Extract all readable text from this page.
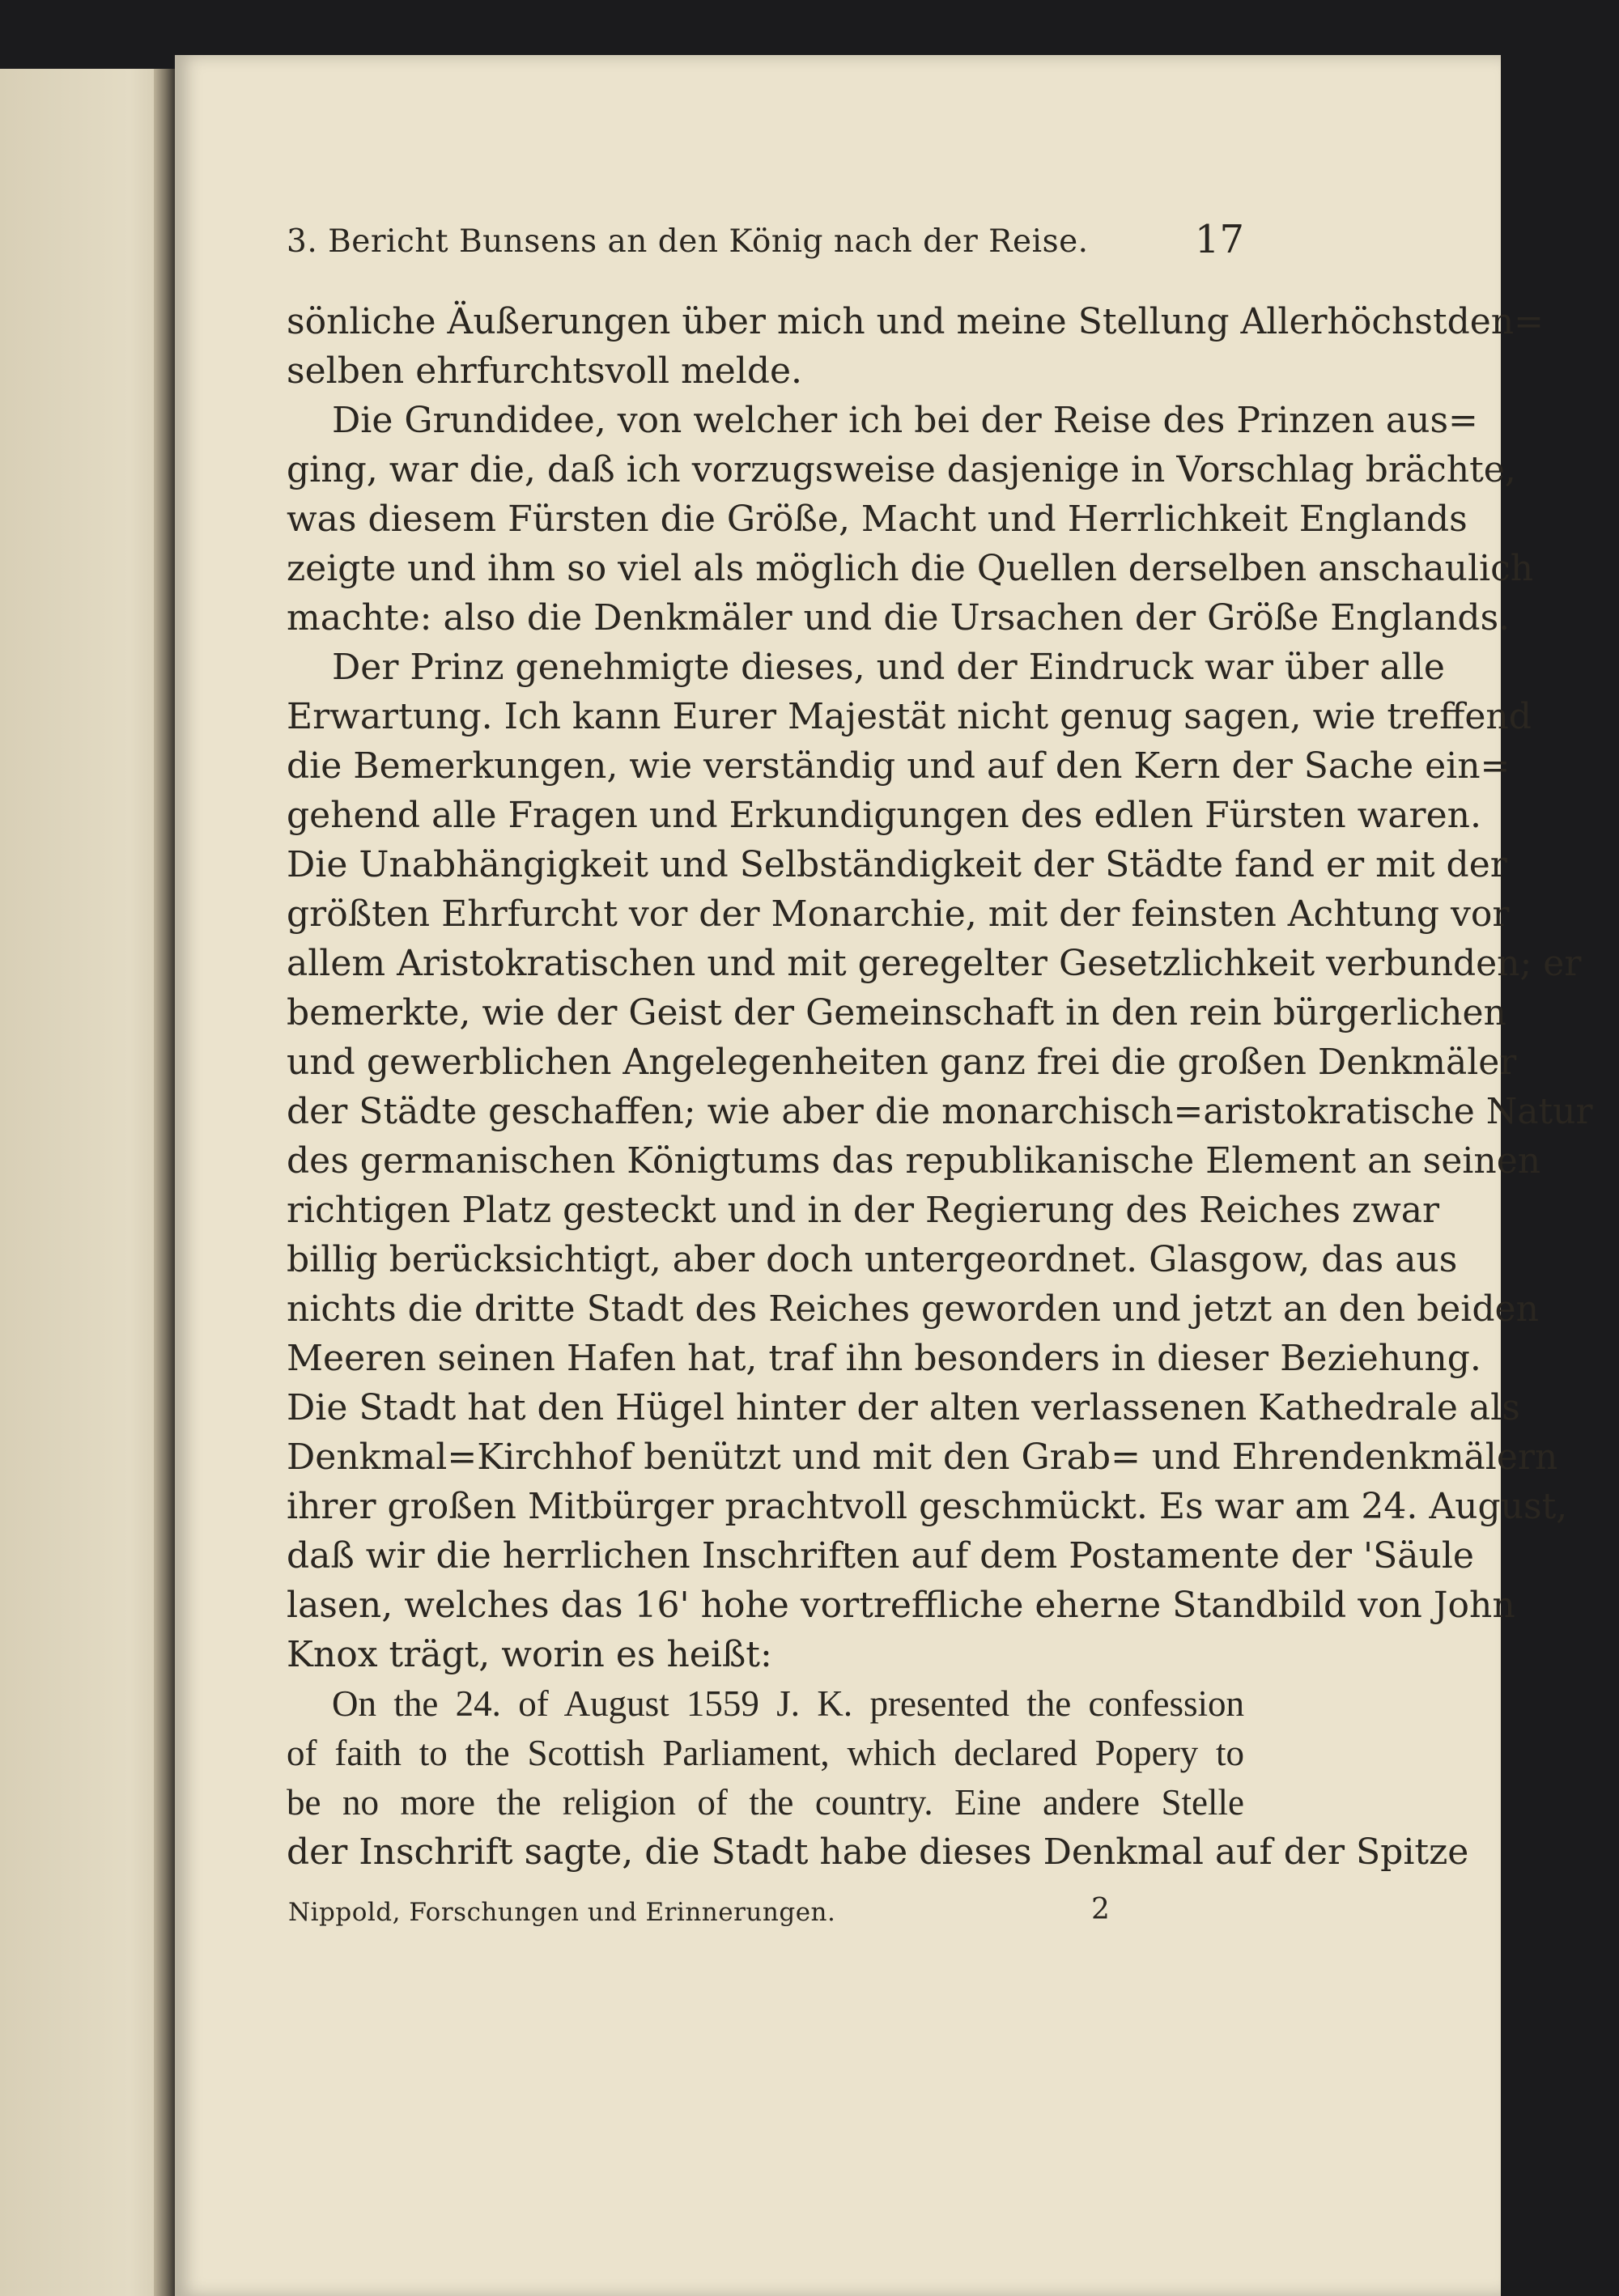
3. Bericht Bunsens an den König nach der Reise.	17
sönliche Äußerungen über mich und meine Stellung Allerhöchstden=
selben ehrfurchtsvoll melde.
Die Grundidee, von welcher ich bei der Reise des Prinzen aus=
ging, war die, daß ich vorzugsweise dasjenige in Vorschlag brächte,
was diesem Fürsten die Größe, Macht und Herrlichkeit Englands
zeigte und ihm so viel als möglich die Quellen derselben anschaulich
machte: also die Denkmäler und die Ursachen der Größe Englands.
Der Prinz genehmigte dieses, und der Eindruck war über alle
Erwartung. Ich kann Eurer Majestät nicht genug sagen, wie treffend
die Bemerkungen, wie verständig und auf den Kern der Sache ein=
gehend alle Fragen und Erkundigungen des edlen Fürsten waren.
Die Unabhängigkeit und Selbständigkeit der Städte fand er mit der
größten Ehrfurcht vor der Monarchie, mit der feinsten Achtung vor
allem Aristokratischen und mit geregelter Gesetzlichkeit verbunden; er
bemerkte, wie der Geist der Gemeinschaft in den rein bürgerlichen
und gewerblichen Angelegenheiten ganz frei die großen Denkmäler
der Städte geschaffen; wie aber die monarchisch=aristokratische Natur
des germanischen Königtums das republikanische Element an seinen
richtigen Platz gesteckt und in der Regierung des Reiches zwar
billig berücksichtigt, aber doch untergeordnet. Glasgow, das aus
nichts die dritte Stadt des Reiches geworden und jetzt an den beiden
Meeren seinen Hafen hat, traf ihn besonders in dieser Beziehung.
Die Stadt hat den Hügel hinter der alten verlassenen Kathedrale als
Denkmal=Kirchhof benützt und mit den Grab= und Ehrendenkmälern
ihrer großen Mitbürger prachtvoll geschmückt. Es war am 24. August,
daß wir die herrlichen Inschriften auf dem Postamente der 'Säule
lasen, welches das 16' hohe vortreffliche eherne Standbild von John
Knox trägt, worin es heißt:
On the 24. of August 1559 J. K. presented the confession
of faith to the Scottish Parliament, which declared Popery to
be no more the religion of the country. Eine andere Stelle
der Inschrift sagte, die Stadt habe dieses Denkmal auf der Spitze
Nippold, Forschungen und Erinnerungen.	2
